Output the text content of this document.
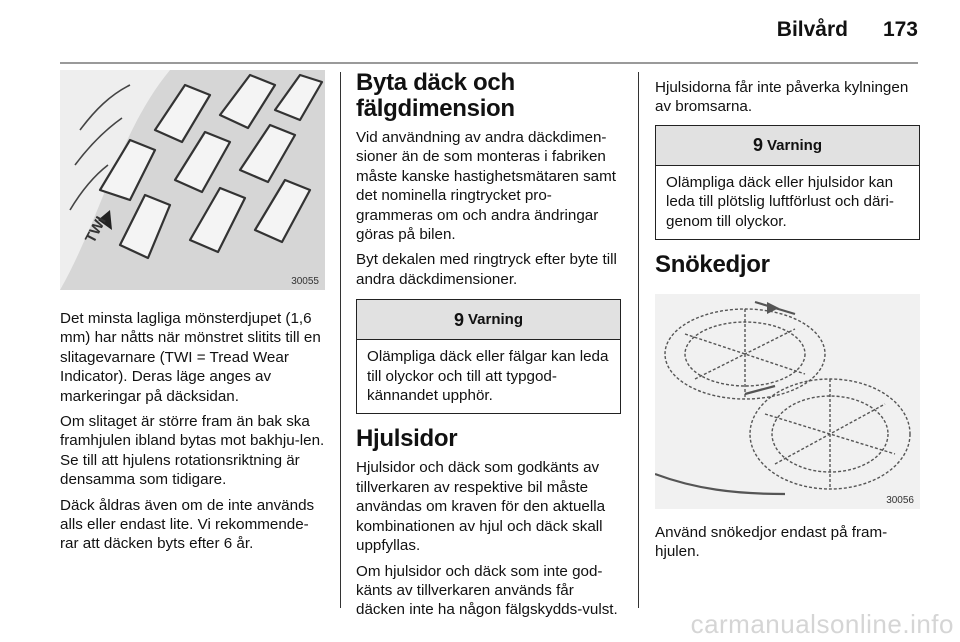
Bilvård 173
TWI
30055

Det minsta lagliga mönsterdjupet (1,6 mm) har nåtts när mönstret slitits till en slitagevarnare (TWI = Tread Wear Indicator). Deras läge anges av markeringar på däcksidan.

Om slitaget är större fram än bak ska framhjulen ibland bytas mot bakhju-len. Se till att hjulens rotationsriktning är densamma som tidigare.

Däck åldras även om de inte används alls eller endast lite. Vi rekommende-rar att däcken byts efter 6 år.

Byta däck och fälgdimension

Vid användning av andra däckdimen-sioner än de som monteras i fabriken måste kanske hastighetsmätaren samt det nominella ringtrycket pro-grammeras om och andra ändringar göras på bilen.

Byt dekalen med ringtryck efter byte till andra däckdimensioner.

9 Varning
Olämpliga däck eller fälgar kan leda till olyckor och till att typgod-kännandet upphör.
Hjulsidor

Hjulsidor och däck som godkänts av tillverkaren av respektive bil måste användas om kraven för den aktuella kombinationen av hjul och däck skall uppfyllas.

Om hjulsidor och däck som inte god-känts av tillverkaren används får däcken inte ha någon fälgskydds-vulst.

Hjulsidorna får inte påverka kylningen av bromsarna.

9 Varning
Olämpliga däck eller hjulsidor kan leda till plötslig luftförlust och däri-genom till olyckor.
Snökedjor
30056

Använd snökedjor endast på fram-hjulen.

carmanualsonline.info
